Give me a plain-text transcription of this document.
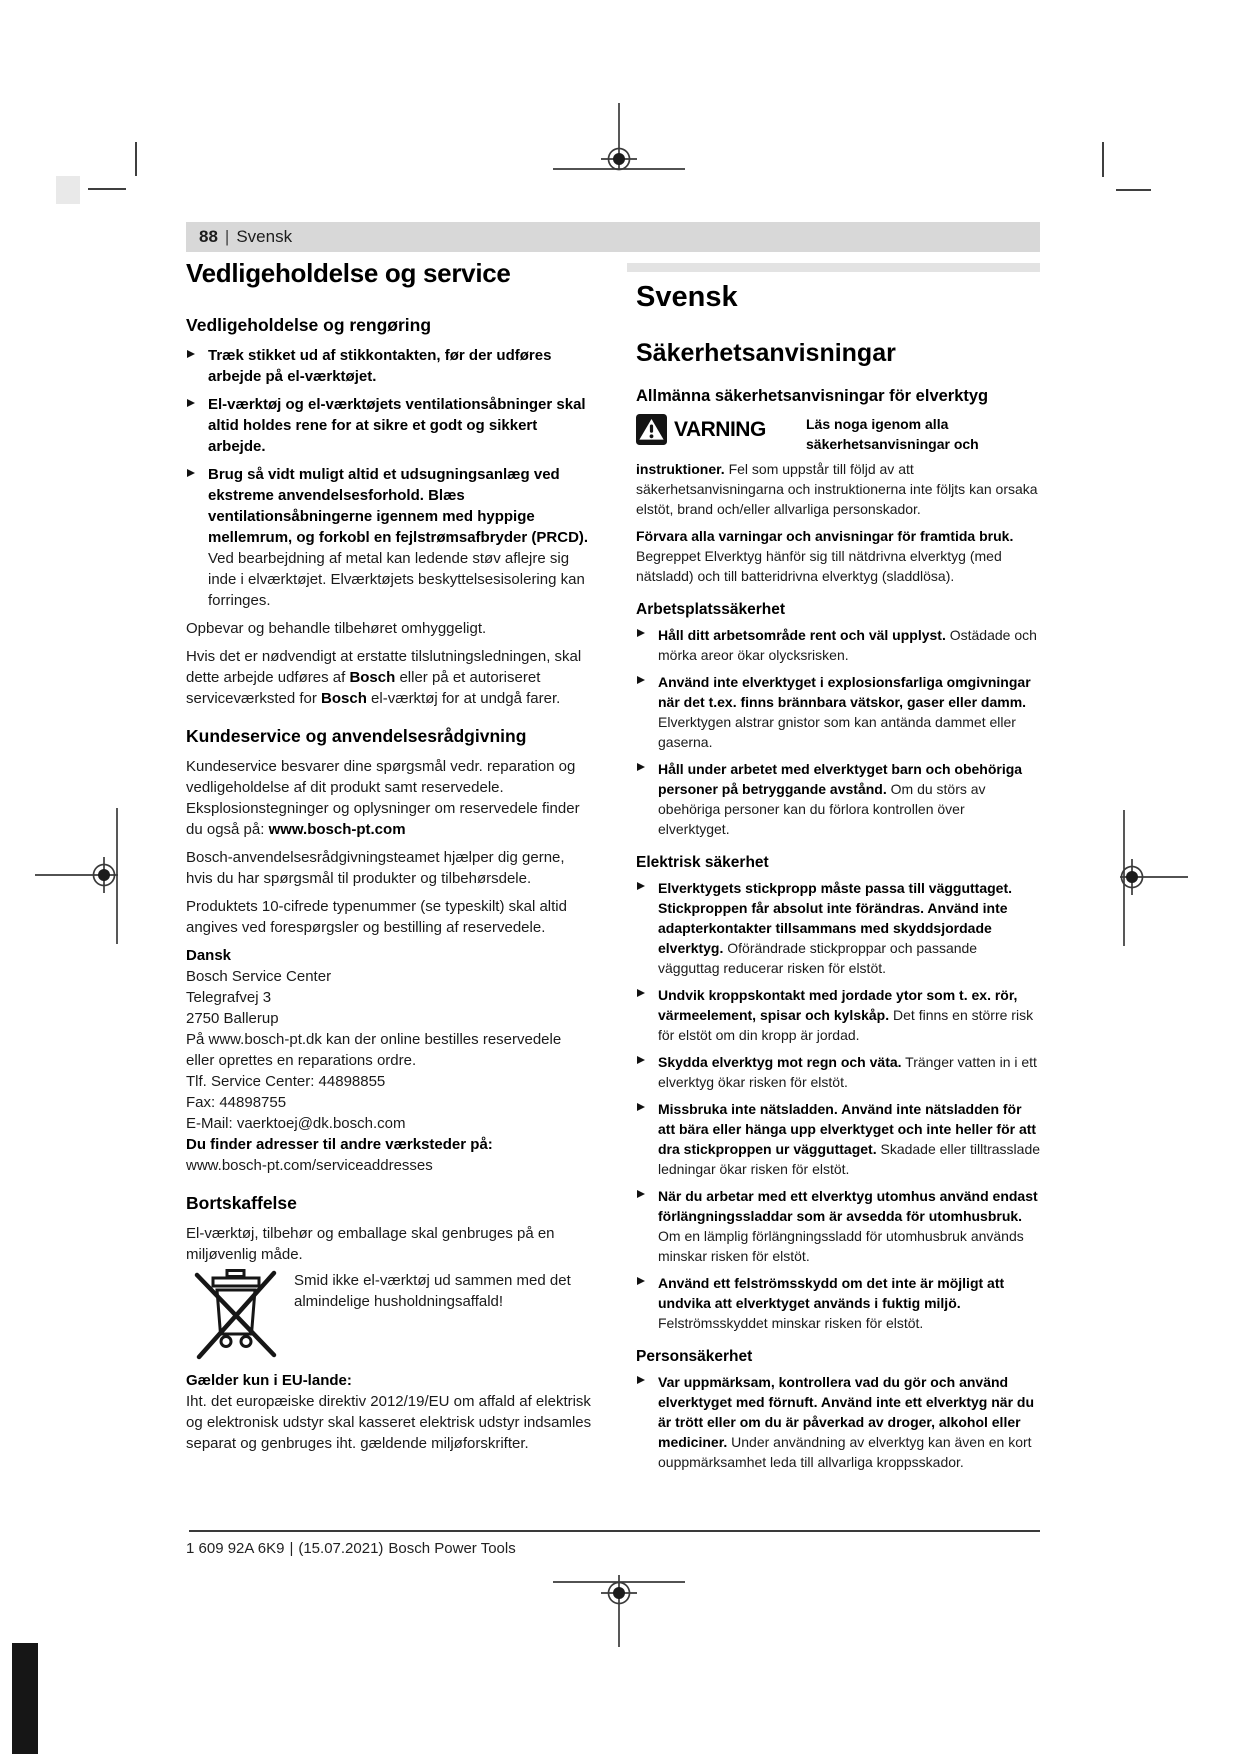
88 | Svensk
Vedligeholdelse og service
Vedligeholdelse og rengøring
Træk stikket ud af stikkontakten, før der udføres arbejde på el-værktøjet.
El-værktøj og el-værktøjets ventilationsåbninger skal altid holdes rene for at sikre et godt og sikkert arbejde.
Brug så vidt muligt altid et udsugningsanlæg ved ekstreme anvendelsesforhold. Blæs ventilationsåbningerne igennem med hyppige mellemrum, og forkobl en fejlstrømsafbryder (PRCD). Ved bearbejdning af metal kan ledende støv aflejre sig inde i elværktøjet. Elværktøjets beskyttelsesisolering kan forringes.
Opbevar og behandle tilbehøret omhyggeligt.
Hvis det er nødvendigt at erstatte tilslutningsledningen, skal dette arbejde udføres af Bosch eller på et autoriseret serviceværksted for Bosch el-værktøj for at undgå farer.
Kundeservice og anvendelsesrådgivning
Kundeservice besvarer dine spørgsmål vedr. reparation og vedligeholdelse af dit produkt samt reservedele. Eksplosionstegninger og oplysninger om reservedele finder du også på: www.bosch-pt.com
Bosch-anvendelsesrådgivningsteamet hjælper dig gerne, hvis du har spørgsmål til produkter og tilbehørsdele.
Produktets 10-cifrede typenummer (se typeskilt) skal altid angives ved forespørgsler og bestilling af reservedele.
Dansk
Bosch Service Center
Telegrafvej 3
2750 Ballerup
På www.bosch-pt.dk kan der online bestilles reservedele eller oprettes en reparations ordre.
Tlf. Service Center: 44898855
Fax: 44898755
E-Mail: vaerktoej@dk.bosch.com
Du finder adresser til andre værksteder på:
www.bosch-pt.com/serviceaddresses
Bortskaffelse
El-værktøj, tilbehør og emballage skal genbruges på en miljøvenlig måde.
Smid ikke el-værktøj ud sammen med det almindelige husholdningsaffald!
Gælder kun i EU-lande:
Iht. det europæiske direktiv 2012/19/EU om affald af elektrisk og elektronisk udstyr skal kasseret elektrisk udstyr indsamles separat og genbruges iht. gældende miljøforskrifter.
Svensk
Säkerhetsanvisningar
Allmänna säkerhetsanvisningar för elverktyg
VARNING	Läs noga igenom alla säkerhetsanvisningar och
instruktioner. Fel som uppstår till följd av att säkerhetsanvisningarna och instruktionerna inte följts kan orsaka elstöt, brand och/eller allvarliga personskador.
Förvara alla varningar och anvisningar för framtida bruk.
Begreppet Elverktyg hänför sig till nätdrivna elverktyg (med nätsladd) och till batteridrivna elverktyg (sladdlösa).
Arbetsplatssäkerhet
Håll ditt arbetsområde rent och väl upplyst. Ostädade och mörka areor ökar olycksrisken.
Använd inte elverktyget i explosionsfarliga omgivningar när det t.ex. finns brännbara vätskor, gaser eller damm. Elverktygen alstrar gnistor som kan antända dammet eller gaserna.
Håll under arbetet med elverktyget barn och obehöriga personer på betryggande avstånd. Om du störs av obehöriga personer kan du förlora kontrollen över elverktyget.
Elektrisk säkerhet
Elverktygets stickpropp måste passa till vägguttaget. Stickproppen får absolut inte förändras. Använd inte adapterkontakter tillsammans med skyddsjordade elverktyg. Oförändrade stickproppar och passande vägguttag reducerar risken för elstöt.
Undvik kroppskontakt med jordade ytor som t. ex. rör, värmeelement, spisar och kylskåp. Det finns en större risk för elstöt om din kropp är jordad.
Skydda elverktyg mot regn och väta. Tränger vatten in i ett elverktyg ökar risken för elstöt.
Missbruka inte nätsladden. Använd inte nätsladden för att bära eller hänga upp elverktyget och inte heller för att dra stickproppen ur vägguttaget. Skadade eller tilltrasslade ledningar ökar risken för elstöt.
När du arbetar med ett elverktyg utomhus använd endast förlängningssladdar som är avsedda för utomhusbruk. Om en lämplig förlängningssladd för utomhusbruk används minskar risken för elstöt.
Använd ett felströmsskydd om det inte är möjligt att undvika att elverktyget används i fuktig miljö. Felströmsskyddet minskar risken för elstöt.
Personsäkerhet
Var uppmärksam, kontrollera vad du gör och använd elverktyget med förnuft. Använd inte ett elverktyg när du är trött eller om du är påverkad av droger, alkohol eller mediciner. Under användning av elverktyg kan även en kort ouppmärksamhet leda till allvarliga kroppsskador.
1 609 92A 6K9 | (15.07.2021) Bosch Power Tools
